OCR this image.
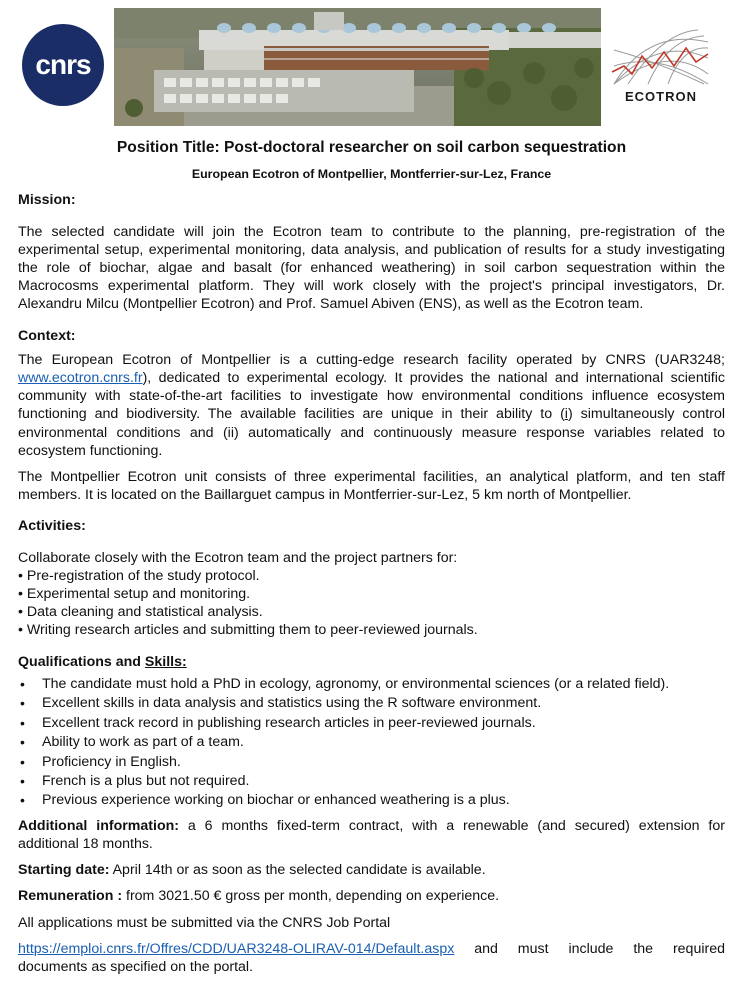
cnrs
ECOTRON
Position Title: Post-doctoral researcher on soil carbon sequestration
European Ecotron of Montpellier, Montferrier-sur-Lez, France
Mission:

The selected candidate will join the Ecotron team to contribute to the planning, pre-registration of the experimental setup, experimental monitoring, data analysis, and publication of results for a study investigating the role of biochar, algae and basalt (for enhanced weathering) in soil carbon sequestration within the Macrocosms experimental platform. They will work closely with the project's principal investigators, Dr. Alexandru Milcu (Montpellier Ecotron) and Prof. Samuel Abiven (ENS), as well as the Ecotron team.

Context:

The European Ecotron of Montpellier is a cutting-edge research facility operated by CNRS (UAR3248; www.ecotron.cnrs.fr), dedicated to experimental ecology. It provides the national and international scientific community with state-of-the-art facilities to investigate how environmental conditions influence ecosystem functioning and biodiversity. The available facilities are unique in their ability to (i) simultaneously control environmental conditions and (ii) automatically and continuously measure response variables related to ecosystem functioning.

The Montpellier Ecotron unit consists of three experimental facilities, an analytical platform, and ten staff members. It is located on the Baillarguet campus in Montferrier-sur-Lez, 5 km north of Montpellier.

Activities:
Collaborate closely with the Ecotron team and the project partners for:
• Pre-registration of the study protocol.
• Experimental setup and monitoring.
• Data cleaning and statistical analysis.
• Writing research articles and submitting them to peer-reviewed journals.
Qualifications and Skills:
• The candidate must hold a PhD in ecology, agronomy, or environmental sciences (or a related field).
• Excellent skills in data analysis and statistics using the R software environment.
• Excellent track record in publishing research articles in peer-reviewed journals.
• Ability to work as part of a team.
• Proficiency in English.
• French is a plus but not required.
• Previous experience working on biochar or enhanced weathering is a plus.

Additional information: a 6 months fixed-term contract, with a renewable (and secured) extension for additional 18 months.

Starting date: April 14th or as soon as the selected candidate is available.

Remuneration : from 3021.50 € gross per month, depending on experience.

All applications must be submitted via the CNRS Job Portal

https://emploi.cnrs.fr/Offres/CDD/UAR3248-OLIRAV-014/Default.aspx and must include the required
documents as specified on the portal.
